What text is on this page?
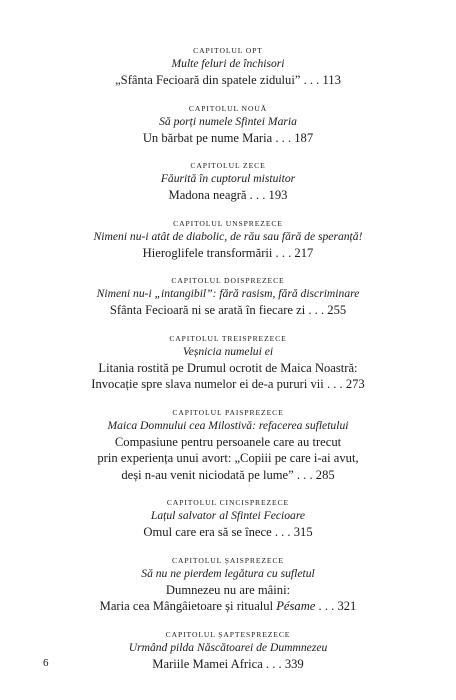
CAPITOLUL OPT
Multe feluri de închisori
„Sfânta Fecioară din spatele zidului” . . . 113
CAPITOLUL NOUĂ
Să porți numele Sfintei Maria
Un bărbat pe nume Maria . . . 187
CAPITOLUL ZECE
Făurită în cuptorul mistuitor
Madona neagră . . . 193
CAPITOLUL UNSPREZECE
Nimeni nu-i atât de diabolic, de rău sau fără de speranță!
Hieroglifele transformării . . . 217
CAPITOLUL DOISPREZECE
Nimeni nu-i „intangibil”: fără rasism, fără discriminare
Sfânta Fecioară ni se arată în fiecare zi . . . 255
CAPITOLUL TREISPREZECE
Veșnicia numelui ei
Litania rostită pe Drumul ocrotit de Maica Noastră:
Invocație spre slava numelor ei de-a pururi vii . . . 273
CAPITOLUL PAISPREZECE
Maica Domnului cea Milostivă: refacerea sufletului
Compasiune pentru persoanele care au trecut
prin experiența unui avort: „Copiii pe care i-ai avut,
deși n-au venit niciodată pe lume” . . . 285
CAPITOLUL CINCISPREZECE
Lațul salvator al Sfintei Fecioare
Omul care era să se înece . . . 315
CAPITOLUL ȘAISPREZECE
Să nu ne pierdem legătura cu sufletul
Dumnezeu nu are mâini:
Maria cea Mângâietoare și ritualul Pésame . . . 321
CAPITOLUL ȘAPTESPREZECE
Urmând pilda Născătoarei de Dummnezeu
Mariile Mamei Africa . . . 339
6
